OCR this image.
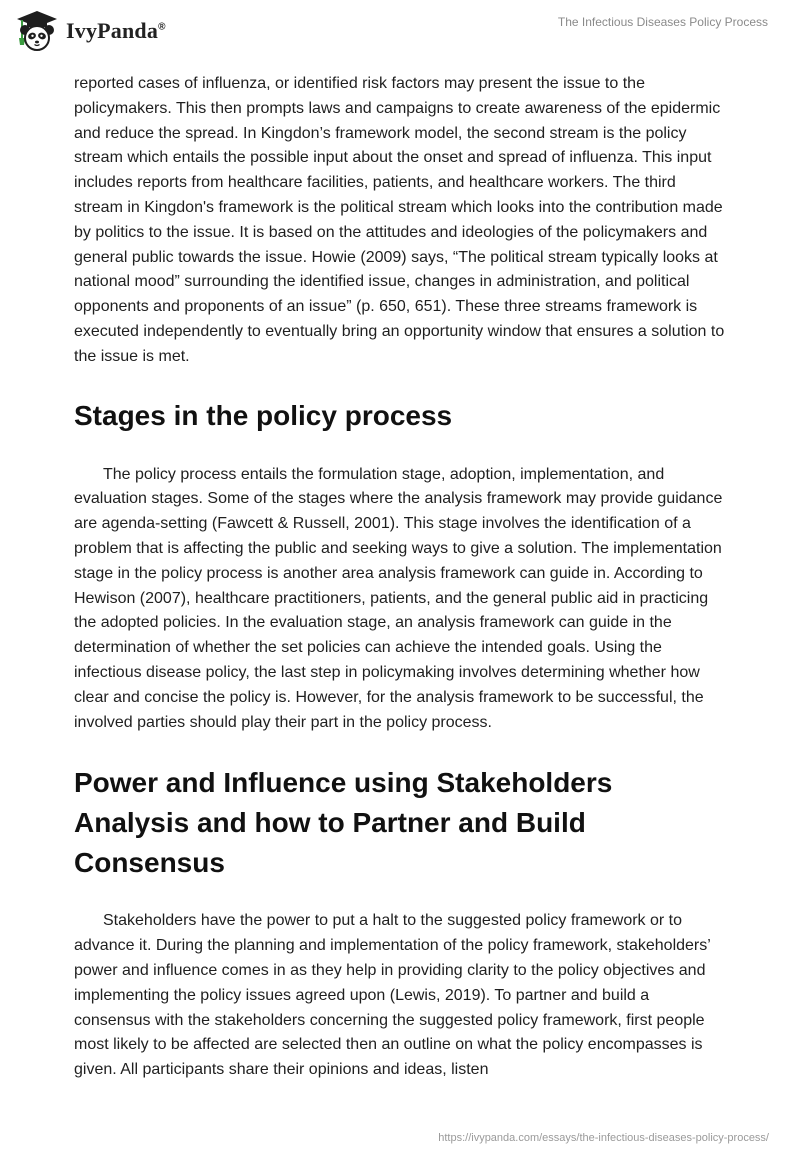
IvyPanda®	The Infectious Diseases Policy Process

reported cases of influenza, or identified risk factors may present the issue to the policymakers. This then prompts laws and campaigns to create awareness of the epidermic and reduce the spread. In Kingdon’s framework model, the second stream is the policy stream which entails the possible input about the onset and spread of influenza. This input includes reports from healthcare facilities, patients, and healthcare workers. The third stream in Kingdon's framework is the political stream which looks into the contribution made by politics to the issue. It is based on the attitudes and ideologies of the policymakers and general public towards the issue. Howie (2009) says, “The political stream typically looks at national mood” surrounding the identified issue, changes in administration, and political opponents and proponents of an issue” (p. 650, 651). These three streams framework is executed independently to eventually bring an opportunity window that ensures a solution to the issue is met.

Stages in the policy process

The policy process entails the formulation stage, adoption, implementation, and evaluation stages. Some of the stages where the analysis framework may provide guidance are agenda-setting (Fawcett & Russell, 2001). This stage involves the identification of a problem that is affecting the public and seeking ways to give a solution. The implementation stage in the policy process is another area analysis framework can guide in. According to Hewison (2007), healthcare practitioners, patients, and the general public aid in practicing the adopted policies. In the evaluation stage, an analysis framework can guide in the determination of whether the set policies can achieve the intended goals. Using the infectious disease policy, the last step in policymaking involves determining whether how clear and concise the policy is. However, for the analysis framework to be successful, the involved parties should play their part in the policy process.

Power and Influence using Stakeholders Analysis and how to Partner and Build Consensus

Stakeholders have the power to put a halt to the suggested policy framework or to advance it. During the planning and implementation of the policy framework, stakeholders’ power and influence comes in as they help in providing clarity to the policy objectives and implementing the policy issues agreed upon (Lewis, 2019). To partner and build a consensus with the stakeholders concerning the suggested policy framework, first people most likely to be affected are selected then an outline on what the policy encompasses is given. All participants share their opinions and ideas, listen

https://ivypanda.com/essays/the-infectious-diseases-policy-process/
